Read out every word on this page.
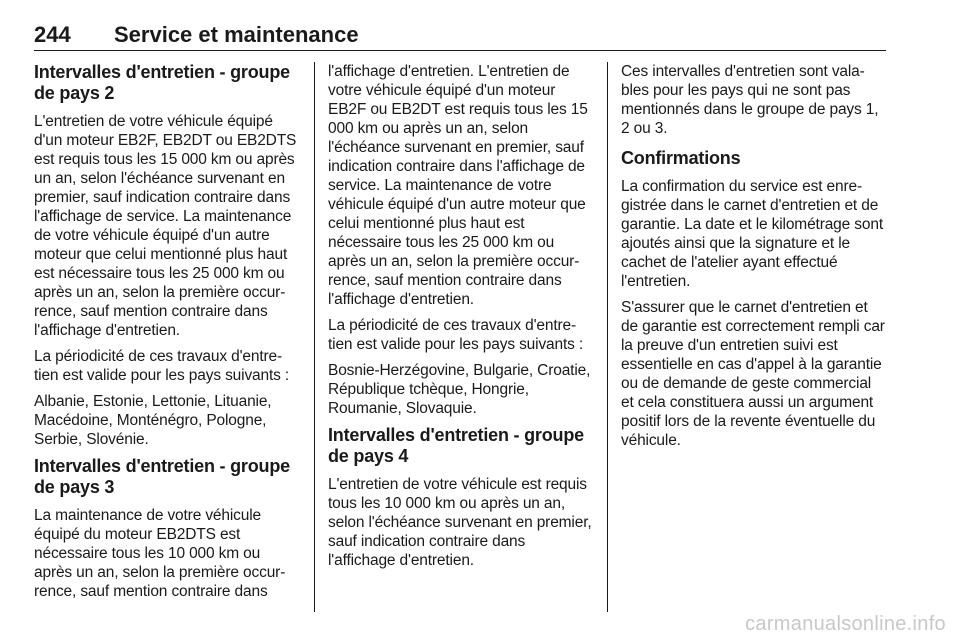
244 Service et maintenance
Intervalles d'entretien - groupe de pays 2

L'entretien de votre véhicule équipé d'un moteur EB2F, EB2DT ou EB2DTS est requis tous les 15 000 km ou après un an, selon l'échéance survenant en premier, sauf indication contraire dans l'affichage de service. La maintenance de votre véhicule équipé d'un autre moteur que celui mentionné plus haut est nécessaire tous les 25 000 km ou après un an, selon la première occurrence, sauf mention contraire dans l'affichage d'entretien.

La périodicité de ces travaux d'entretien est valide pour les pays suivants :

Albanie, Estonie, Lettonie, Lituanie, Macédoine, Monténégro, Pologne, Serbie, Slovénie.

Intervalles d'entretien - groupe de pays 3

La maintenance de votre véhicule équipé du moteur EB2DTS est nécessaire tous les 10 000 km ou après un an, selon la première occurrence, sauf mention contraire dans

l'affichage d'entretien. L'entretien de votre véhicule équipé d'un moteur EB2F ou EB2DT est requis tous les 15 000 km ou après un an, selon l'échéance survenant en premier, sauf indication contraire dans l'affichage de service. La maintenance de votre véhicule équipé d'un autre moteur que celui mentionné plus haut est nécessaire tous les 25 000 km ou après un an, selon la première occurrence, sauf mention contraire dans l'affichage d'entretien.

La périodicité de ces travaux d'entretien est valide pour les pays suivants :

Bosnie-Herzégovine, Bulgarie, Croatie, République tchèque, Hongrie, Roumanie, Slovaquie.

Intervalles d'entretien - groupe de pays 4

L'entretien de votre véhicule est requis tous les 10 000 km ou après un an, selon l'échéance survenant en premier, sauf indication contraire dans l'affichage d'entretien.

Ces intervalles d'entretien sont valables pour les pays qui ne sont pas mentionnés dans le groupe de pays 1, 2 ou 3.

Confirmations

La confirmation du service est enregistrée dans le carnet d'entretien et de garantie. La date et le kilométrage sont ajoutés ainsi que la signature et le cachet de l'atelier ayant effectué l'entretien.

S'assurer que le carnet d'entretien et de garantie est correctement rempli car la preuve d'un entretien suivi est essentielle en cas d'appel à la garantie ou de demande de geste commercial et cela constituera aussi un argument positif lors de la revente éventuelle du véhicule.

carmanualsonline.info
